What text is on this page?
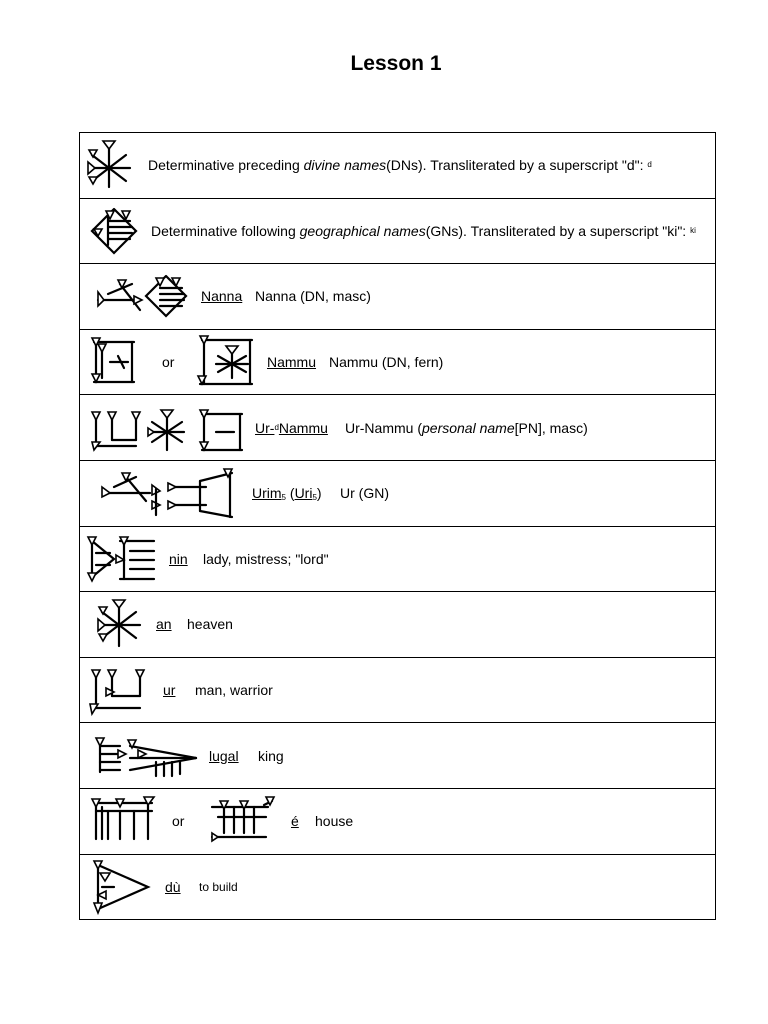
Lesson 1
Determinative preceding
divine names (DNs). Transliterated by a superscript "d":
d

Determinative following
geographical names (GNs). Transliterated by a superscript "ki":
ki

Nanna Nanna (DN, masc)

or	Nammu Nammu (DN, fern)

Ur- d Nammu Ur-Nammu ( personal name [PN], masc)

Urim$_5$
( Uri$_5$ ) Ur (GN)

nin lady, mistress; "lord"

an heaven

ur man, warrior

lugal king

or	é house

dù to build
